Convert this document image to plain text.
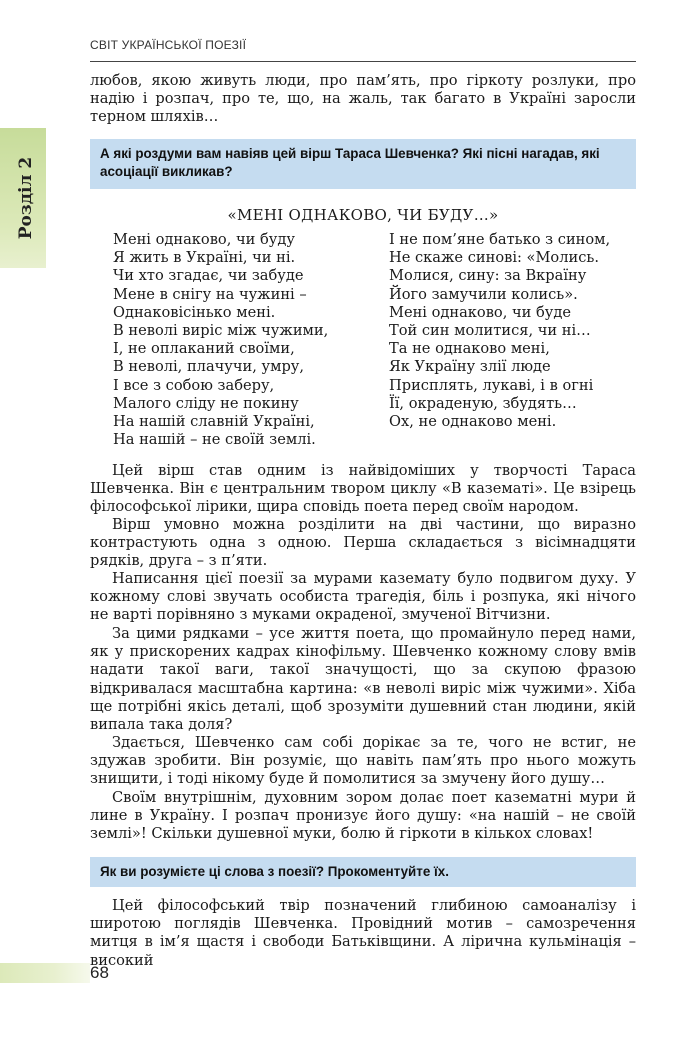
Розділ 2
СВІТ УКРАЇНСЬКОЇ ПОЕЗІЇ

любов, якою живуть люди, про пам’ять, про гіркоту розлуки, про надію і розпач, про те, що, на жаль, так багато в Україні заросли терном шляхів…

А які роздуми вам навіяв цей вірш Тараса Шевченка? Які пісні нагадав, які асоціації викликав?
«МЕНІ ОДНАКОВО, ЧИ БУДУ…»
Мені однаково, чи буду
Я жить в Україні, чи ні.
Чи хто згадає, чи забуде
Мене в снігу на чужині –
Однаковісінько мені.
В неволі виріс між чужими,
І, не оплаканий своїми,
В неволі, плачучи, умру,
І все з собою заберу,
Малого сліду не покину
На нашій славній Україні,
На нашій – не своїй землі.
І не пом’яне батько з сином,
Не скаже синові: «Молись.
Молися, сину: за Вкраїну
Його замучили колись».
Мені однаково, чи буде
Той син молитися, чи ні…
Та не однаково мені,
Як Україну злії люде
Присплять, лукаві, і в огні
Її, окраденую, збудять…
Ох, не однаково мені.

Цей вірш став одним із найвідоміших у творчості Тараса Шевченка. Він є центральним твором циклу «В казематі». Це взірець філософської лірики, щира сповідь поета перед своїм народом.

Вірш умовно можна розділити на дві частини, що виразно контрастують одна з одною. Перша складається з вісімнадцяти рядків, друга – з п’яти.

Написання цієї поезії за мурами каземату було подвигом духу. У кожному слові звучать особиста трагедія, біль і розпука, які нічого не варті порівняно з муками окраденої, змученої Вітчизни.

За цими рядками – усе життя поета, що промайнуло перед нами, як у прискорених кадрах кінофільму. Шевченко кожному слову вмів надати такої ваги, такої значущості, що за скупою фразою відкривалася масштабна картина: «в неволі виріс між чужими». Хіба ще потрібні якісь деталі, щоб зрозуміти душевний стан людини, якій випала така доля?

Здається, Шевченко сам собі дорікає за те, чого не встиг, не здужав зробити. Він розуміє, що навіть пам’ять про нього можуть знищити, і тоді нікому буде й помолитися за змучену його душу…

Своїм внутрішнім, духовним зором долає поет казематні мури й лине в Україну. І розпач пронизує його душу: «на нашій – не своїй землі»! Скільки душевної муки, болю й гіркоти в кількох словах!

Як ви розумієте ці слова з поезії? Прокоментуйте їх.

Цей філософський твір позначений глибиною самоаналізу і широтою поглядів Шевченка. Провідний мотив – самозречення митця в ім’я щастя і свободи Батьківщини. А лірична кульмінація – високий

68
